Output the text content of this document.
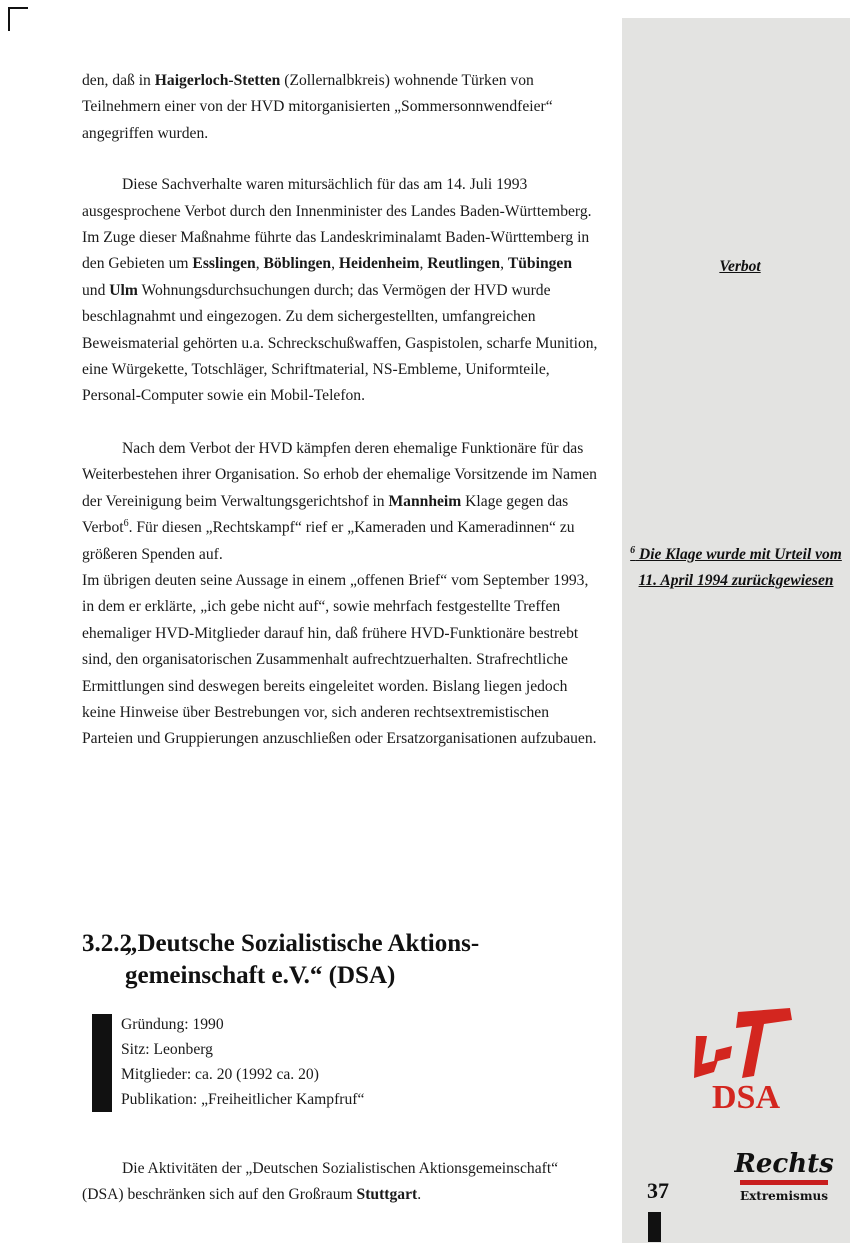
den, daß in Haigerloch-Stetten (Zollernalbkreis) wohnende Türken von Teilnehmern einer von der HVD mitorganisierten „Sommersonnwendfeier“ angegriffen wurden.

Diese Sachverhalte waren mitursächlich für das am 14. Juli 1993 ausgesprochene Verbot durch den Innenminister des Landes Baden-Württemberg. Im Zuge dieser Maßnahme führte das Landeskriminalamt Baden-Württemberg in den Gebieten um Esslingen, Böblingen, Heidenheim, Reutlingen, Tübingen und Ulm Wohnungsdurchsuchungen durch; das Vermögen der HVD wurde beschlagnahmt und eingezogen. Zu dem sichergestellten, umfangreichen Beweismaterial gehörten u.a. Schreckschußwaffen, Gaspistolen, scharfe Munition, eine Würgekette, Totschläger, Schriftmaterial, NS-Embleme, Uniformteile, Personal-Computer sowie ein Mobil-Telefon.

Nach dem Verbot der HVD kämpfen deren ehemalige Funktionäre für das Weiterbestehen ihrer Organisation. So erhob der ehemalige Vorsitzende im Namen der Vereinigung beim Verwaltungsgerichtshof in Mannheim Klage gegen das Verbot$^6$. Für diesen „Rechtskampf“ rief er „Kameraden und Kameradinnen“ zu größeren Spenden auf.

Im übrigen deuten seine Aussage in einem „offenen Brief“ vom September 1993, in dem er erklärte, „ich gebe nicht auf“, sowie mehrfach festgestellte Treffen ehemaliger HVD-Mitglieder darauf hin, daß frühere HVD-Funktionäre bestrebt sind, den organisatorischen Zusammenhalt aufrechtzuerhalten. Strafrechtliche Ermittlungen sind deswegen bereits eingeleitet worden. Bislang liegen jedoch keine Hinweise über Bestrebungen vor, sich anderen rechtsextremistischen Parteien und Gruppierungen anzuschließen oder Ersatzorganisationen aufzubauen.

3.2.2„Deutsche Sozialistische Aktions-
gemeinschaft e.V.“ (DSA)
Gründung: 1990
Sitz: Leonberg
Mitglieder: ca. 20 (1992 ca. 20)
Publikation: „Freiheitlicher Kampfruf“

Die Aktivitäten der „Deutschen Sozialistischen Aktionsgemeinschaft“ (DSA) beschränken sich auf den Großraum Stuttgart.

Verbot
$^6$ Die Klage wurde mit Urteil vom 11. April 1994 zurückgewiesen
DSA
Rechts
Extremismus
37
